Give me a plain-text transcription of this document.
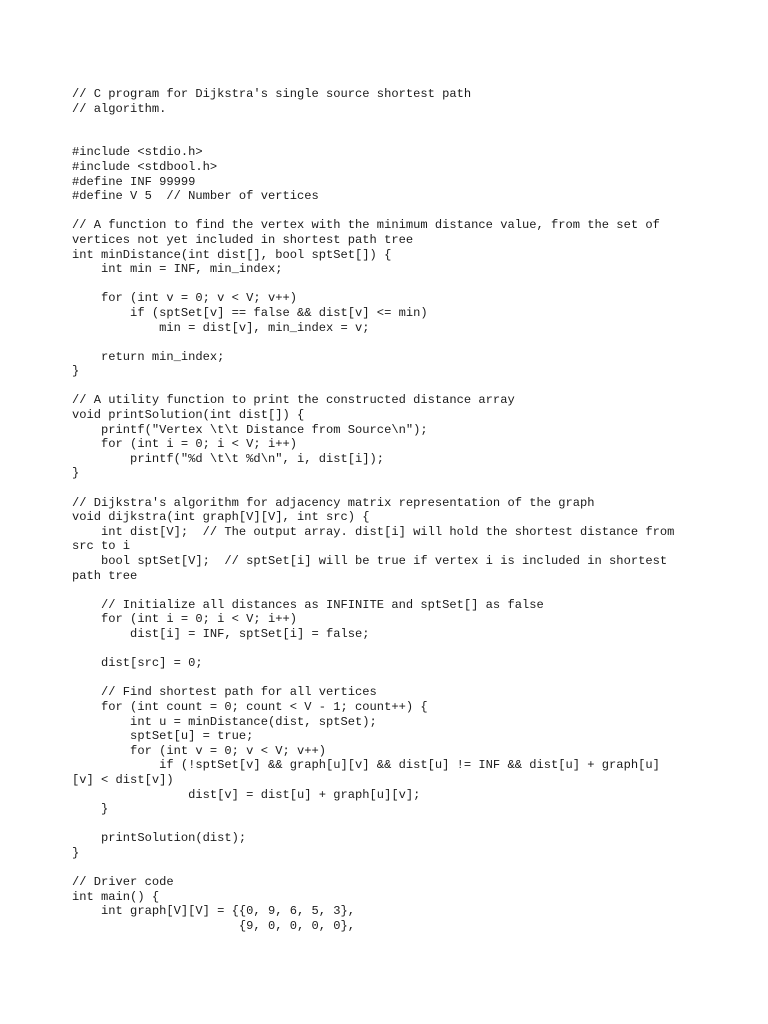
// C program for Dijkstra's single source shortest path
// algorithm.
#include <stdio.h>
#include <stdbool.h>
#define INF 99999
#define V 5  // Number of vertices
// A function to find the vertex with the minimum distance value, from the set of
vertices not yet included in shortest path tree
int minDistance(int dist[], bool sptSet[]) {
int min = INF, min_index;
for (int v = 0; v < V; v++)
if (sptSet[v] == false && dist[v] <= min)
min = dist[v], min_index = v;
return min_index;
}
// A utility function to print the constructed distance array
void printSolution(int dist[]) {
printf("Vertex \t\t Distance from Source\n");
for (int i = 0; i < V; i++)
printf("%d \t\t %d\n", i, dist[i]);
}
// Dijkstra's algorithm for adjacency matrix representation of the graph
void dijkstra(int graph[V][V], int src) {
int dist[V];  // The output array. dist[i] will hold the shortest distance from
src to i
bool sptSet[V];  // sptSet[i] will be true if vertex i is included in shortest
path tree
// Initialize all distances as INFINITE and sptSet[] as false
for (int i = 0; i < V; i++)
dist[i] = INF, sptSet[i] = false;
dist[src] = 0;
// Find shortest path for all vertices
for (int count = 0; count < V - 1; count++) {
int u = minDistance(dist, sptSet);
sptSet[u] = true;
for (int v = 0; v < V; v++)
if (!sptSet[v] && graph[u][v] && dist[u] != INF && dist[u] + graph[u]
[v] < dist[v])
dist[v] = dist[u] + graph[u][v];
}
printSolution(dist);
}
// Driver code
int main() {
int graph[V][V] = {{0, 9, 6, 5, 3},
{9, 0, 0, 0, 0},
